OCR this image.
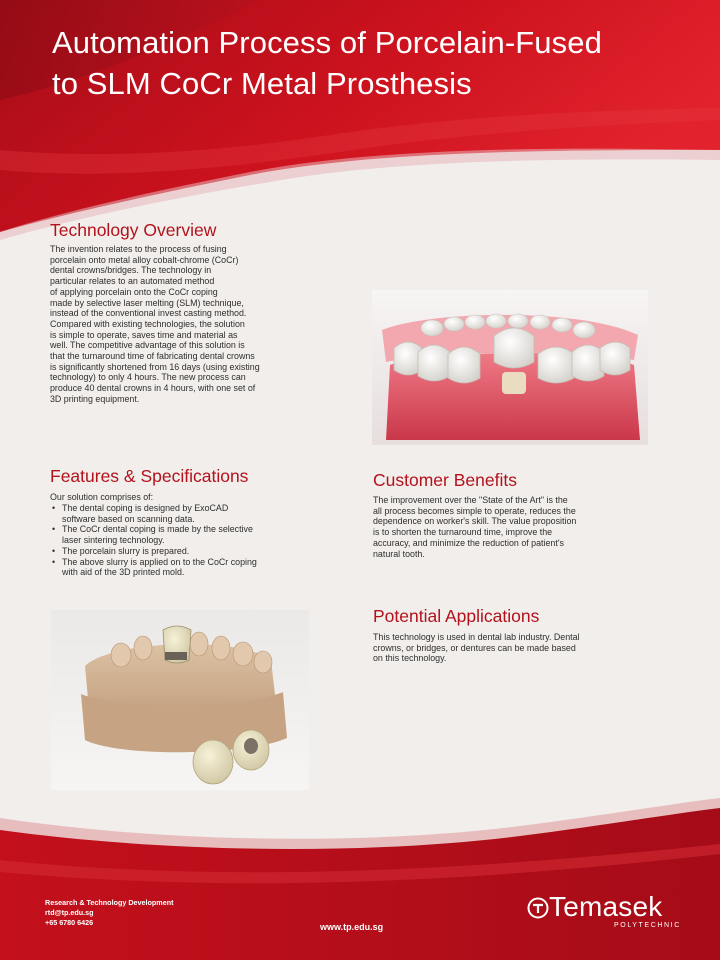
Automation Process of Porcelain-Fused
to SLM CoCr Metal Prosthesis
Technology Overview

The invention relates to the process of fusing
porcelain onto metal alloy cobalt-chrome (CoCr)
dental crowns/bridges. The technology in
particular relates to an automated method
of applying porcelain onto the CoCr coping
made by selective laser melting (SLM) technique,
instead of the conventional invest casting method.
Compared with existing technologies, the solution
is simple to operate, saves time and material as
well. The competitive advantage of this solution is
that the turnaround time of fabricating dental crowns
is significantly shortened from 16 days (using existing
technology) to only 4 hours. The new process can
produce 40 dental crowns in 4 hours, with one set of
3D printing equipment.

Features & Specifications

Our solution comprises of:

• The dental coping is designed by ExoCAD
software based on scanning data.
• The CoCr dental coping is made by the selective
laser sintering technology.
• The porcelain slurry is prepared.
• The above slurry is applied on to the CoCr coping
with aid of the 3D printed mold.
Customer Benefits

The improvement over the "State of the Art" is the
all process becomes simple to operate, reduces the
dependence on worker's skill. The value proposition
is to shorten the turnaround time, improve the
accuracy, and minimize the reduction of patient's
natural tooth.

Potential Applications

This technology is used in dental lab industry. Dental
crowns, or bridges, or dentures can be made based
on this technology.

Research & Technology Development
rtd@tp.edu.sg
+65 6780 6426	www.tp.edu.sg
Temasek
POLYTECHNIC
